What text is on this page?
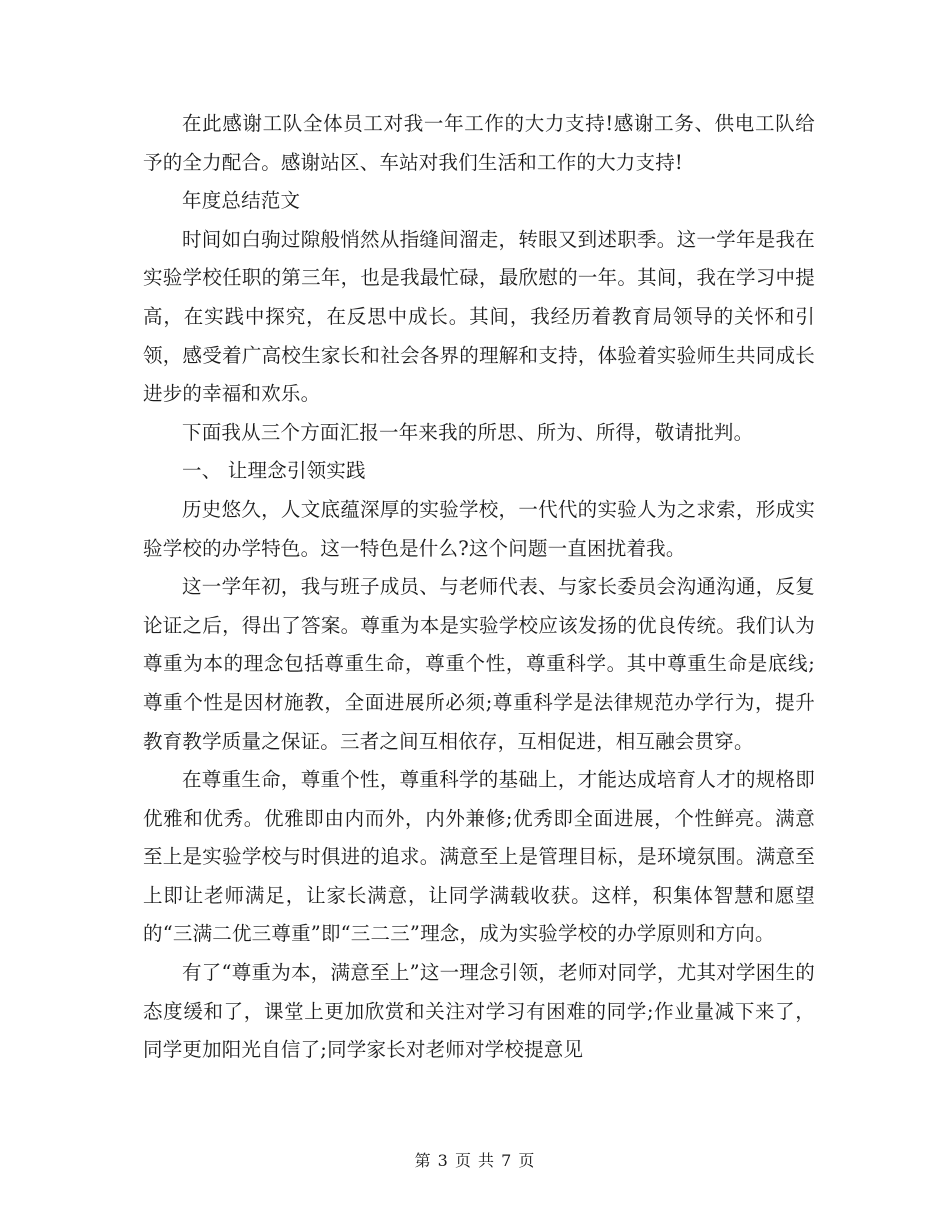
在此感谢工队全体员工对我一年工作的大力支持!感谢工务、供电工队给予的全力配合。感谢站区、车站对我们生活和工作的大力支持!

年度总结范文

时间如白驹过隙般悄然从指缝间溜走，转眼又到述职季。这一学年是我在实验学校任职的第三年，也是我最忙碌，最欣慰的一年。其间，我在学习中提高，在实践中探究，在反思中成长。其间，我经历着教育局领导的关怀和引领，感受着广高校生家长和社会各界的理解和支持，体验着实验师生共同成长进步的幸福和欢乐。

下面我从三个方面汇报一年来我的所思、所为、所得，敬请批判。

一、 让理念引领实践

历史悠久，人文底蕴深厚的实验学校，一代代的实验人为之求索，形成实验学校的办学特色。这一特色是什么?这个问题一直困扰着我。

这一学年初，我与班子成员、与老师代表、与家长委员会沟通沟通，反复论证之后，得出了答案。尊重为本是实验学校应该发扬的优良传统。我们认为尊重为本的理念包括尊重生命，尊重个性，尊重科学。其中尊重生命是底线;尊重个性是因材施教，全面进展所必须;尊重科学是法律规范办学行为，提升教育教学质量之保证。三者之间互相依存，互相促进，相互融会贯穿。

在尊重生命，尊重个性，尊重科学的基础上，才能达成培育人才的规格即优雅和优秀。优雅即由内而外，内外兼修;优秀即全面进展，个性鲜亮。满意至上是实验学校与时俱进的追求。满意至上是管理目标，是环境氛围。满意至上即让老师满足，让家长满意，让同学满载收获。这样，积集体智慧和愿望的“三满二优三尊重”即“三二三”理念，成为实验学校的办学原则和方向。

有了“尊重为本，满意至上”这一理念引领，老师对同学，尤其对学困生的态度缓和了，课堂上更加欣赏和关注对学习有困难的同学;作业量减下来了，同学更加阳光自信了;同学家长对老师对学校提意见

第 3 页 共 7 页
